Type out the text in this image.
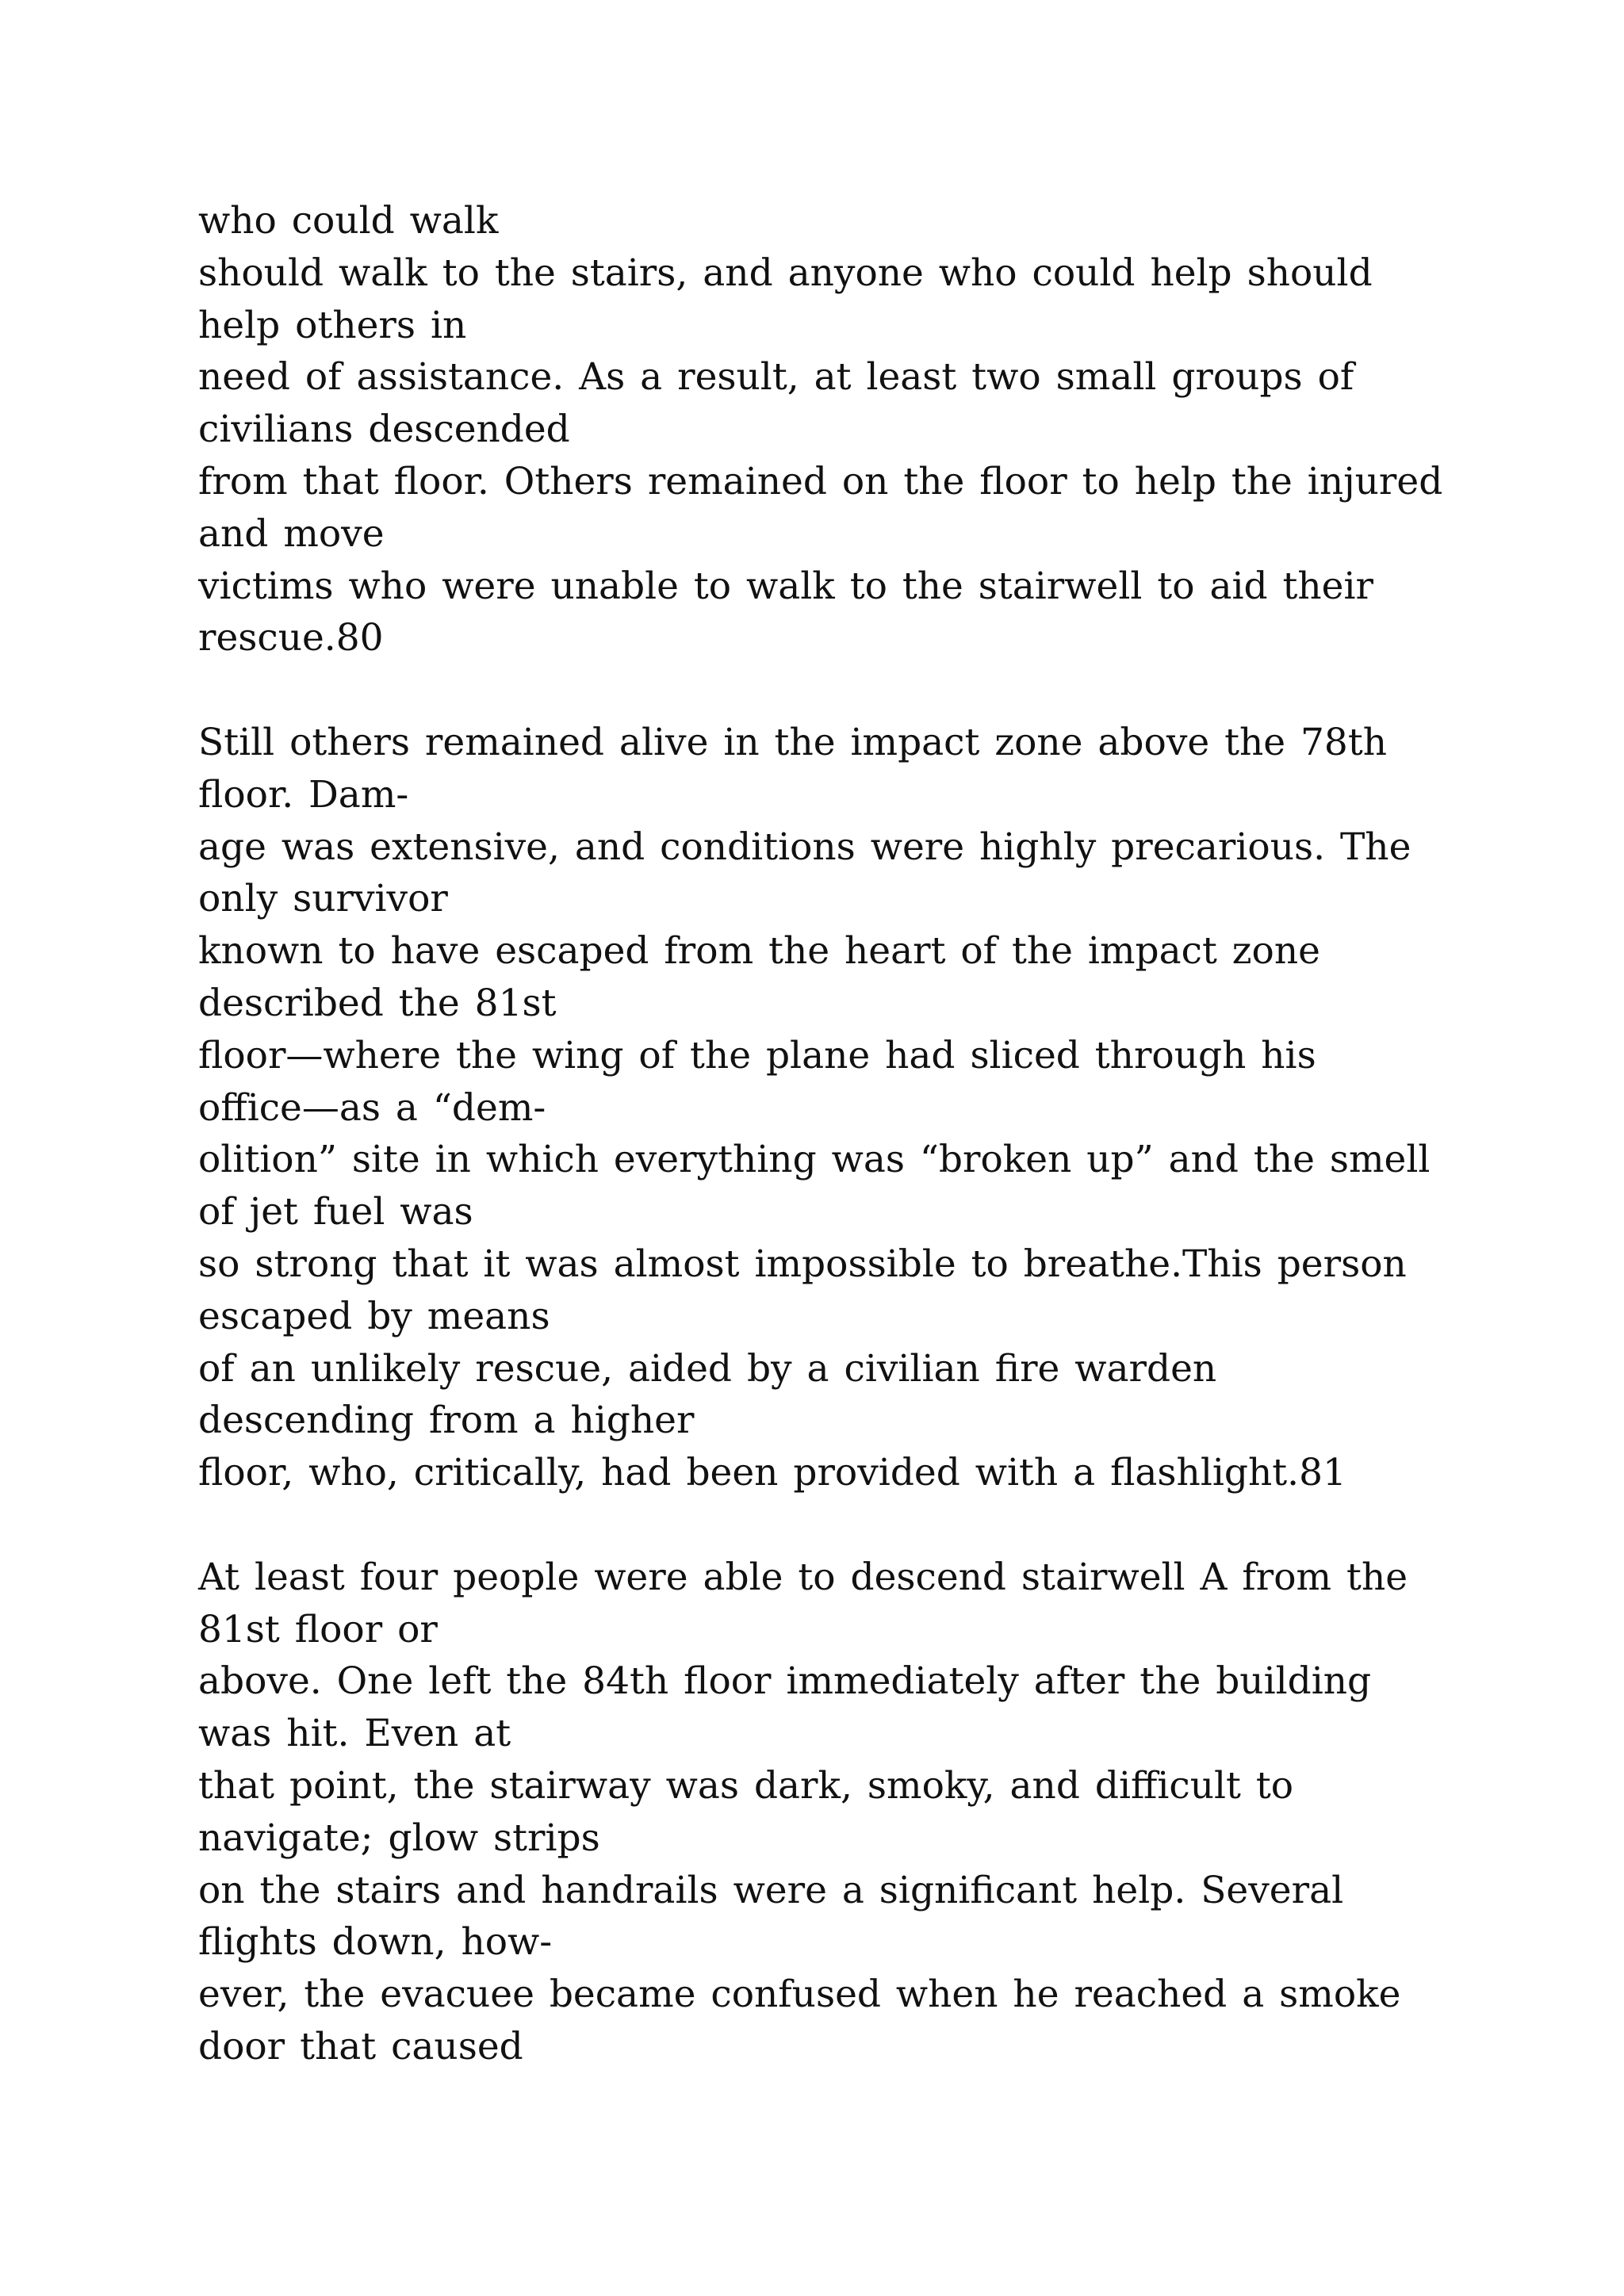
who could walk
should walk to the stairs, and anyone who could help should
help others in
need of assistance. As a result, at least two small groups of
civilians descended
from that floor. Others remained on the floor to help the injured
and move
victims who were unable to walk to the stairwell to aid their
rescue.80
Still others remained alive in the impact zone above the 78th
floor. Dam-
age was extensive, and conditions were highly precarious. The
only survivor
known to have escaped from the heart of the impact zone
described the 81st
floor—where the wing of the plane had sliced through his
office—as a “dem-
olition” site in which everything was “broken up” and the smell
of jet fuel was
so strong that it was almost impossible to breathe.This person
escaped by means
of an unlikely rescue, aided by a civilian fire warden
descending from a higher
floor, who, critically, had been provided with a flashlight.81
At least four people were able to descend stairwell A from the
81st floor or
above. One left the 84th floor immediately after the building
was hit. Even at
that point, the stairway was dark, smoky, and difficult to
navigate; glow strips
on the stairs and handrails were a significant help. Several
flights down, how-
ever, the evacuee became confused when he reached a smoke
door that caused
